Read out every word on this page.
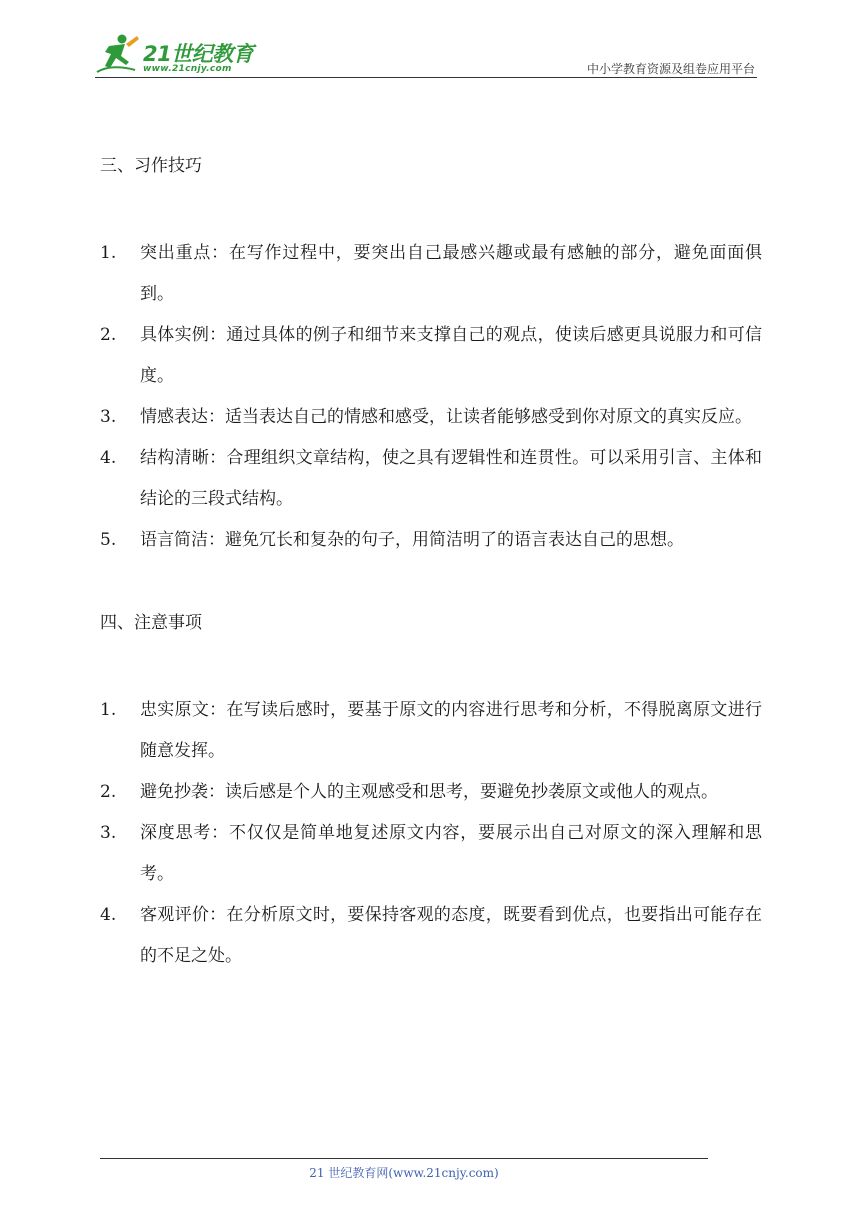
21世纪教育
www.21cnjy.com	中小学教育资源及组卷应用平台

三、习作技巧

1.	突出重点：在写作过程中，要突出自己最感兴趣或最有感触的部分，避免面面俱到。
2.	具体实例：通过具体的例子和细节来支撑自己的观点，使读后感更具说服力和可信度。
3.	情感表达：适当表达自己的情感和感受，让读者能够感受到你对原文的真实反应。
4.	结构清晰：合理组织文章结构，使之具有逻辑性和连贯性。可以采用引言、主体和结论的三段式结构。
5.	语言简洁：避免冗长和复杂的句子，用简洁明了的语言表达自己的思想。

四、注意事项

1.	忠实原文：在写读后感时，要基于原文的内容进行思考和分析，不得脱离原文进行随意发挥。
2.	避免抄袭：读后感是个人的主观感受和思考，要避免抄袭原文或他人的观点。
3.	深度思考：不仅仅是简单地复述原文内容，要展示出自己对原文的深入理解和思考。
4.	客观评价：在分析原文时，要保持客观的态度，既要看到优点，也要指出可能存在的不足之处。
21 世纪教育网(www.21cnjy.com)
